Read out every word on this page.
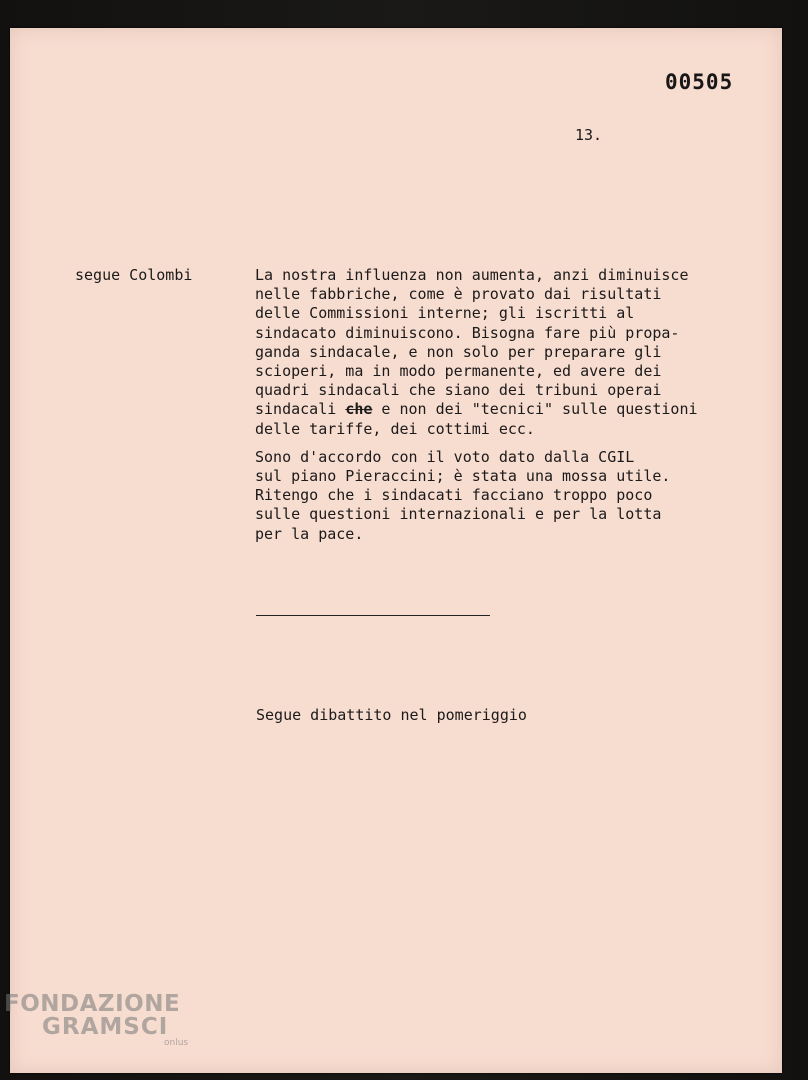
00505
13.
segue Colombi	La nostra influenza non aumenta, anzi diminuisce
nelle fabbriche, come è provato dai risultati
delle Commissioni interne; gli iscritti al
sindacato diminuiscono. Bisogna fare più propa-
ganda sindacale, e non solo per preparare gli
scioperi, ma in modo permanente, ed avere dei
quadri sindacali che siano dei tribuni operai
sindacali che e non dei "tecnici" sulle questioni
delle tariffe, dei cottimi ecc.

Sono d'accordo con il voto dato dalla CGIL
sul piano Pieraccini; è stata una mossa utile.
Ritengo che i sindacati facciano troppo poco
sulle questioni internazionali e per la lotta
per la pace.

Segue dibattito nel pomeriggio
FONDAZIONE
GRAMSCI
onlus
